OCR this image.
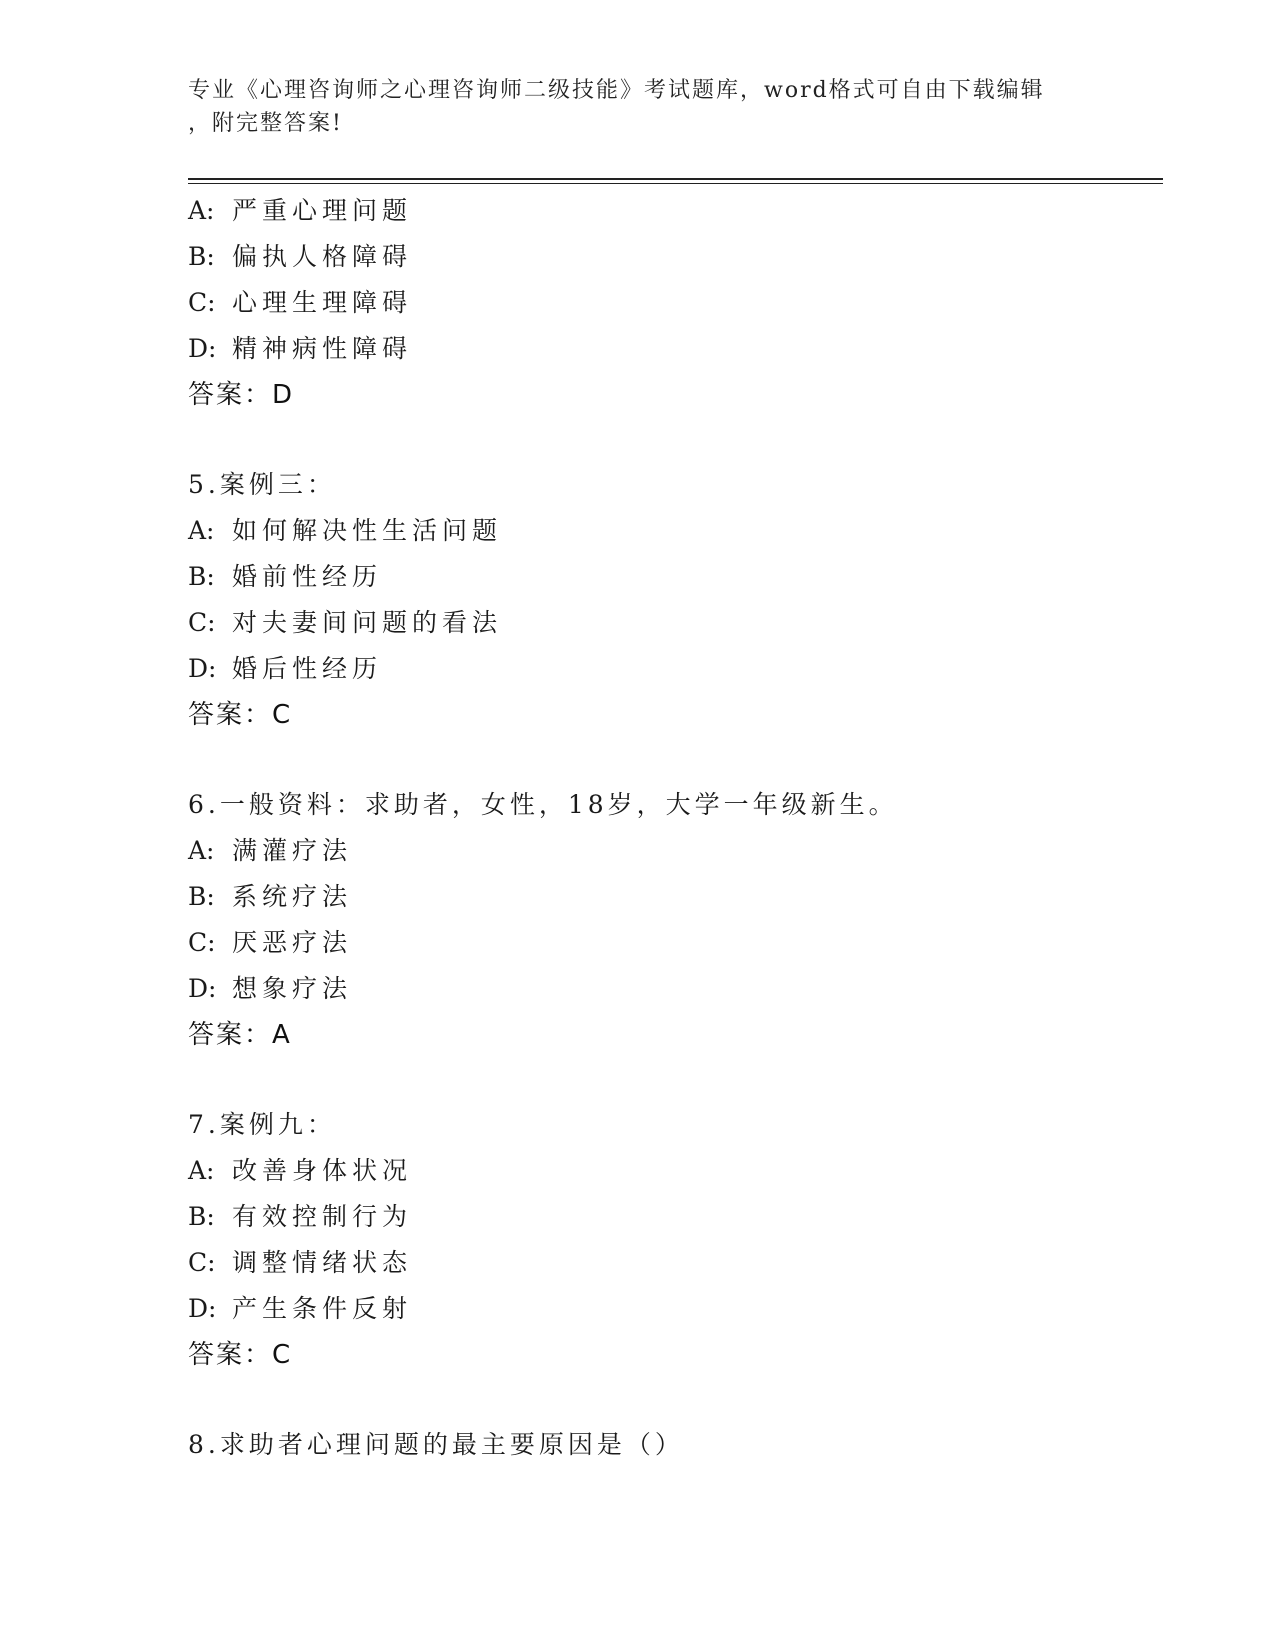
专业《心理咨询师之心理咨询师二级技能》考试题库，word格式可自由下载编辑
，附完整答案!
A: 严重心理问题
B: 偏执人格障碍
C: 心理生理障碍
D: 精神病性障碍
答案：D
5.案例三：
A: 如何解决性生活问题
B: 婚前性经历
C: 对夫妻间问题的看法
D: 婚后性经历
答案：C
6.一般资料：求助者，女性，18岁，大学一年级新生。
A: 满灌疗法
B: 系统疗法
C: 厌恶疗法
D: 想象疗法
答案：A
7.案例九：
A: 改善身体状况
B: 有效控制行为
C: 调整情绪状态
D: 产生条件反射
答案：C
8.求助者心理问题的最主要原因是（）
